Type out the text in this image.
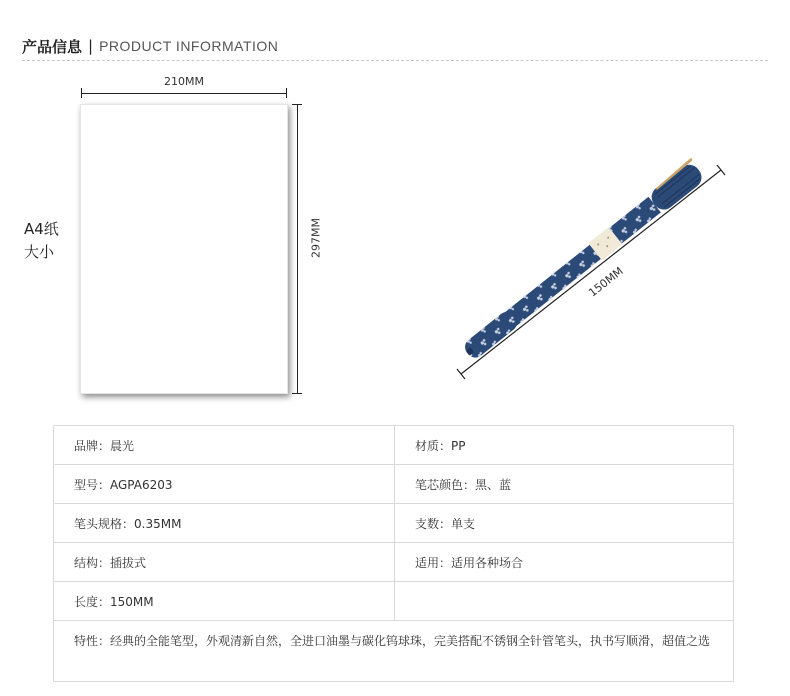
产品信息 | PRODUCT INFORMATION
210MM
297MM
A4纸
大小
150MM
品牌：晨光	材质：PP
型号：AGPA6203	笔芯颜色：黑、蓝
笔头规格：0.35MM	支数：单支
结构：插拔式	适用：适用各种场合
长度：150MM	
特性：经典的全能笔型，外观清新自然，全进口油墨与碳化钨球珠，完美搭配不锈钢全针管笔头，执书写顺滑，超值之选	
